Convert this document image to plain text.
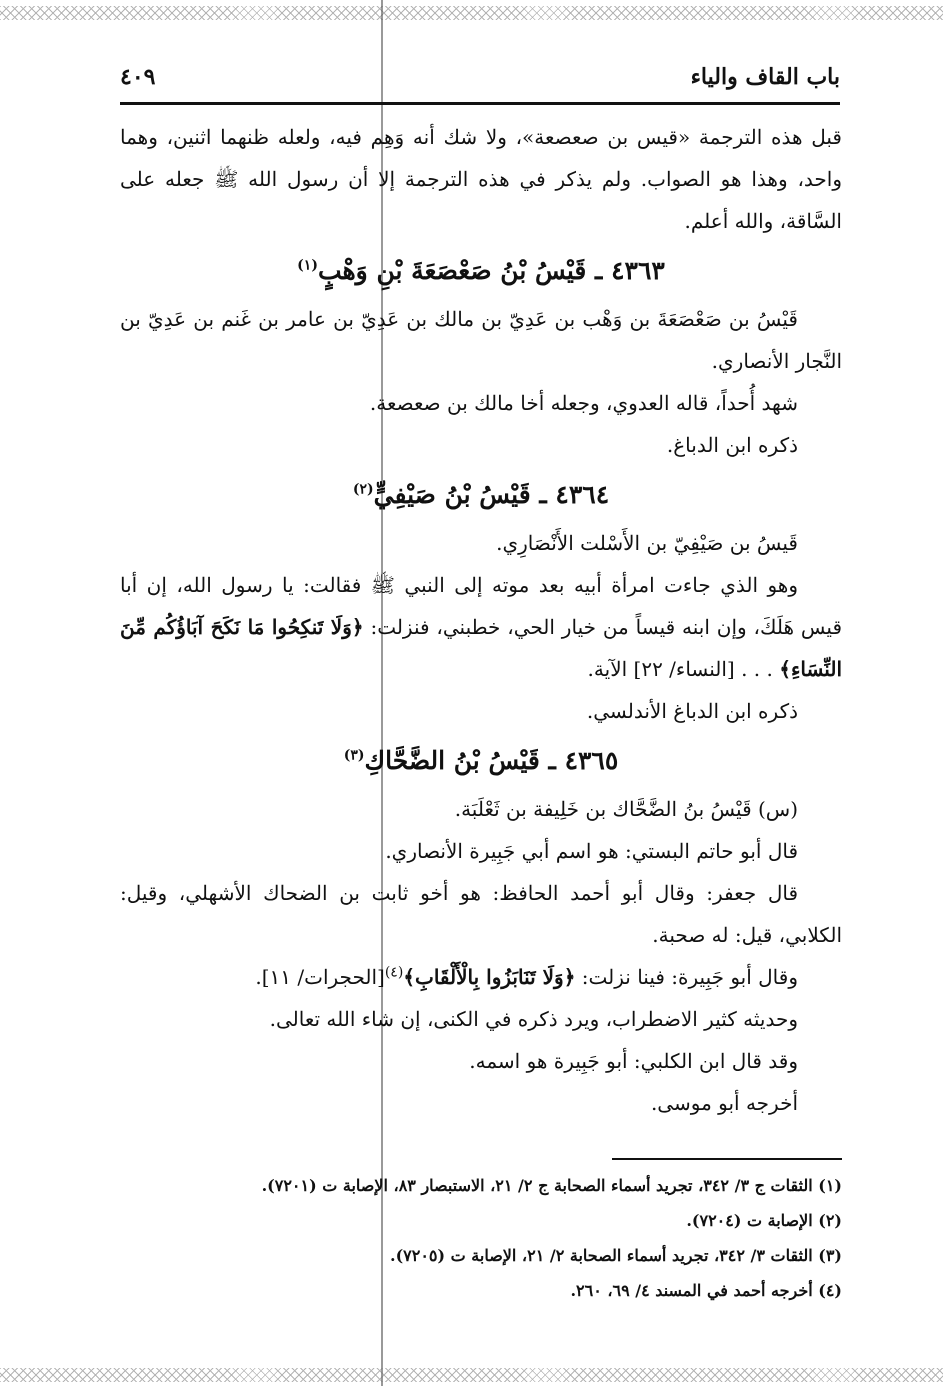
باب القاف والياء
٤٠٩

قبل هذه الترجمة «قيس بن صعصعة»، ولا شك أنه وَهِم فيه، ولعله ظنهما اثنين، وهما واحد، وهذا هو الصواب. ولم يذكر في هذه الترجمة إلا أن رسول الله ﷺ جعله على السَّاقة، والله أعلم.

٤٣٦٣ ـ قَيْسُ بْنُ صَعْصَعَةَ بْنِ وَهْبٍ$^{(١)}$

قَيْسُ بن صَعْصَعَةَ بن وَهْب بن عَدِيّ بن مالك بن عَدِيّ بن عامر بن غَنم بن عَدِيّ بن النَّجار الأنصاري.

شهد أُحداً، قاله العدوي، وجعله أخا مالك بن صعصعة.

ذكره ابن الدباغ.

٤٣٦٤ ـ قَيْسُ بْنُ صَيْفِيٍّ$^{(٢)}$

قَيسُ بن صَيْفِيّ بن الأَسْلت الأَنْصَارِي.

وهو الذي جاءت امرأة أبيه بعد موته إلى النبي ﷺ فقالت: يا رسول الله، إن أبا قيس هَلَكَ، وإن ابنه قيساً من خيار الحي، خطبني، فنزلت: ﴿وَلَا تَنكِحُوا مَا نَكَحَ آبَاؤُكُم مِّنَ النِّسَاءِ﴾ . . . [النساء/ ٢٢] الآية.

ذكره ابن الدباغ الأندلسي.

٤٣٦٥ ـ قَيْسُ بْنُ الضَّحَّاكِ$^{(٣)}$

(س) قَيْسُ بنُ الضَّحَّاك بن خَلِيفة بن ثَعْلَبَة.

قال أبو حاتم البستي: هو اسم أبي جَبِيرة الأنصاري.

قال جعفر: وقال أبو أحمد الحافظ: هو أخو ثابت بن الضحاك الأشهلي، وقيل: الكلابي، قيل: له صحبة.

وقال أبو جَبِيرة: فينا نزلت: ﴿وَلَا تَنَابَزُوا بِالْأَلْقَابِ﴾$^{(٤)}$[الحجرات/ ١١].

وحديثه كثير الاضطراب، ويرد ذكره في الكنى، إن شاء الله تعالى.

وقد قال ابن الكلبي: أبو جَبِيرة هو اسمه.

أخرجه أبو موسى.

(١) الثقات ج ٣/ ٣٤٢، تجريد أسماء الصحابة ج ٢/ ٢١، الاستبصار ٨٣، الإصابة ت (٧٢٠١).

(٢) الإصابة ت (٧٢٠٤).

(٣) الثقات ٣/ ٣٤٢، تجريد أسماء الصحابة ٢/ ٢١، الإصابة ت (٧٢٠٥).

(٤) أخرجه أحمد في المسند ٤/ ٦٩، ٢٦٠.
